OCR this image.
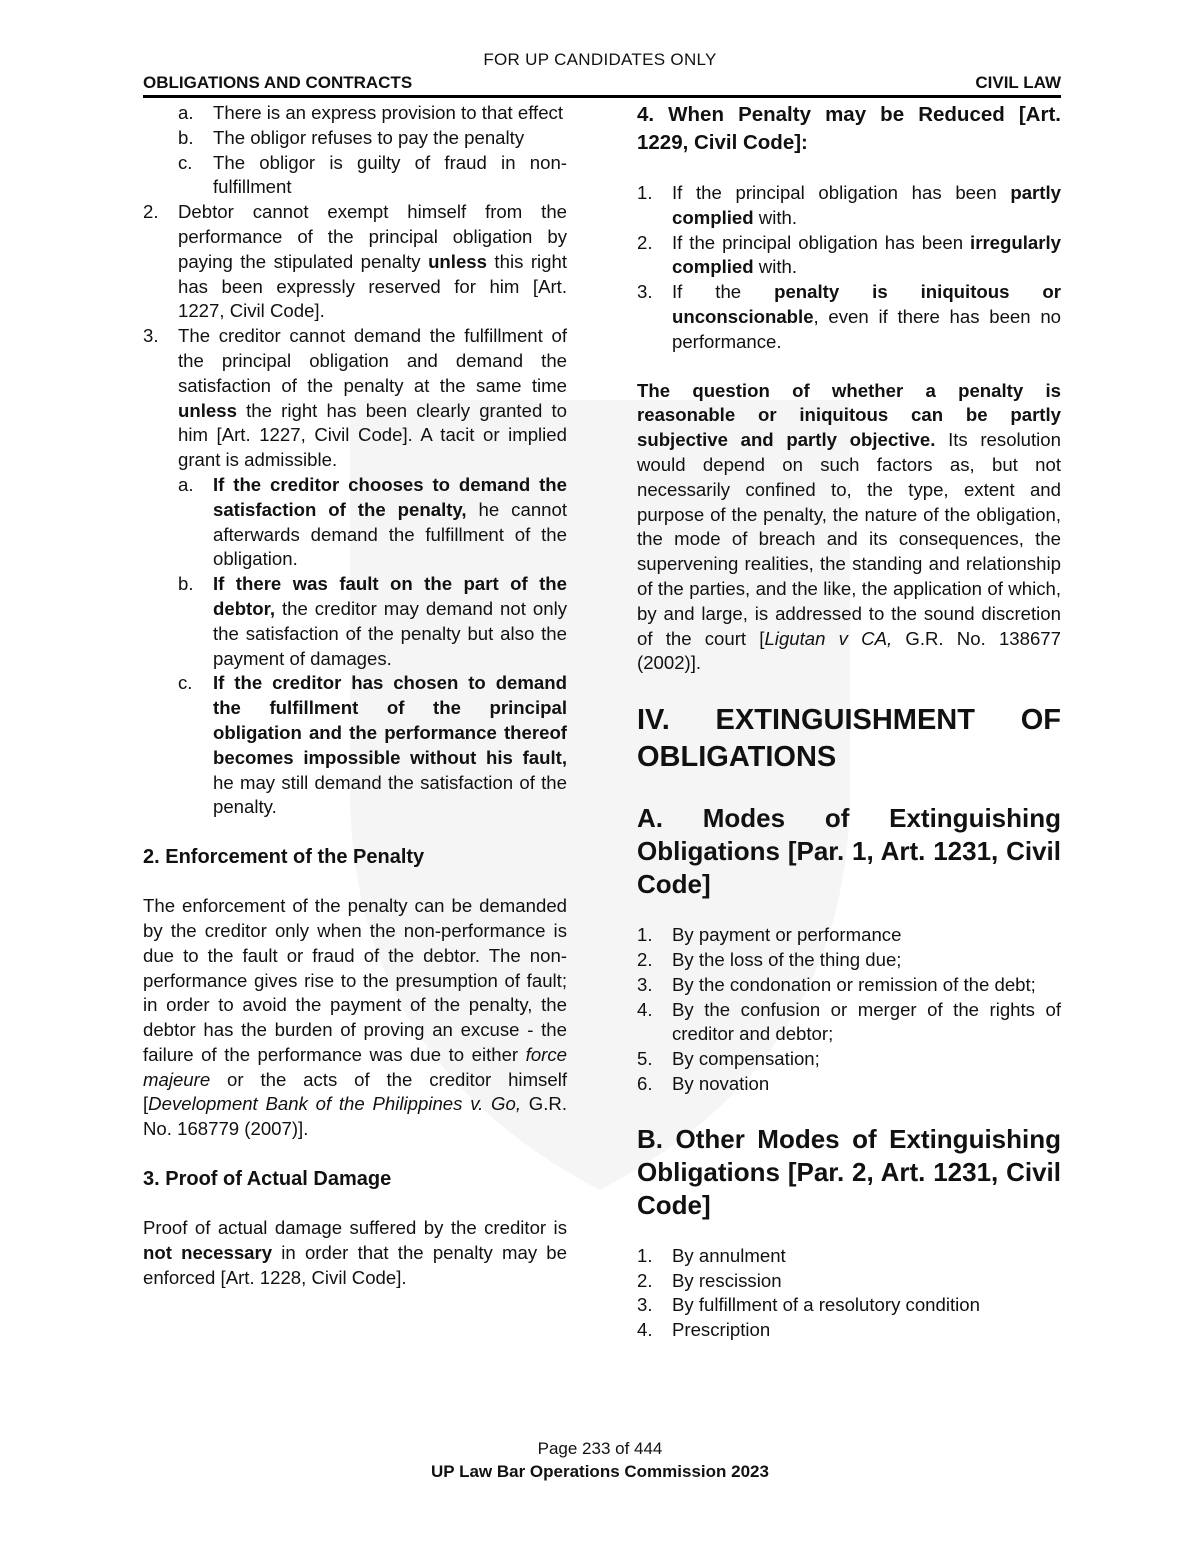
FOR UP CANDIDATES ONLY
OBLIGATIONS AND CONTRACTS	CIVIL LAW
a. There is an express provision to that effect
b. The obligor refuses to pay the penalty
c. The obligor is guilty of fraud in non-fulfillment
2. Debtor cannot exempt himself from the performance of the principal obligation by paying the stipulated penalty unless this right has been expressly reserved for him [Art. 1227, Civil Code].
3. The creditor cannot demand the fulfillment of the principal obligation and demand the satisfaction of the penalty at the same time unless the right has been clearly granted to him [Art. 1227, Civil Code]. A tacit or implied grant is admissible.
a. If the creditor chooses to demand the satisfaction of the penalty, he cannot afterwards demand the fulfillment of the obligation.
b. If there was fault on the part of the debtor, the creditor may demand not only the satisfaction of the penalty but also the payment of damages.
c. If the creditor has chosen to demand the fulfillment of the principal obligation and the performance thereof becomes impossible without his fault, he may still demand the satisfaction of the penalty.

2. Enforcement of the Penalty

The enforcement of the penalty can be demanded by the creditor only when the non-performance is due to the fault or fraud of the debtor. The non-performance gives rise to the presumption of fault; in order to avoid the payment of the penalty, the debtor has the burden of proving an excuse - the failure of the performance was due to either force majeure or the acts of the creditor himself [Development Bank of the Philippines v. Go, G.R. No. 168779 (2007)].

3. Proof of Actual Damage

Proof of actual damage suffered by the creditor is not necessary in order that the penalty may be enforced [Art. 1228, Civil Code].

4. When Penalty may be Reduced [Art. 1229, Civil Code]:

1. If the principal obligation has been partly complied with.
2. If the principal obligation has been irregularly complied with.
3. If the penalty is iniquitous or unconscionable, even if there has been no performance.

The question of whether a penalty is reasonable or iniquitous can be partly subjective and partly objective. Its resolution would depend on such factors as, but not necessarily confined to, the type, extent and purpose of the penalty, the nature of the obligation, the mode of breach and its consequences, the supervening realities, the standing and relationship of the parties, and the like, the application of which, by and large, is addressed to the sound discretion of the court [Ligutan v CA, G.R. No. 138677 (2002)].

IV. EXTINGUISHMENT OF OBLIGATIONS

A. Modes of Extinguishing Obligations [Par. 1, Art. 1231, Civil Code]

1. By payment or performance
2. By the loss of the thing due;
3. By the condonation or remission of the debt;
4. By the confusion or merger of the rights of creditor and debtor;
5. By compensation;
6. By novation

B. Other Modes of Extinguishing Obligations [Par. 2, Art. 1231, Civil Code]

1. By annulment
2. By rescission
3. By fulfillment of a resolutory condition
4. Prescription
Page 233 of 444
UP Law Bar Operations Commission 2023
